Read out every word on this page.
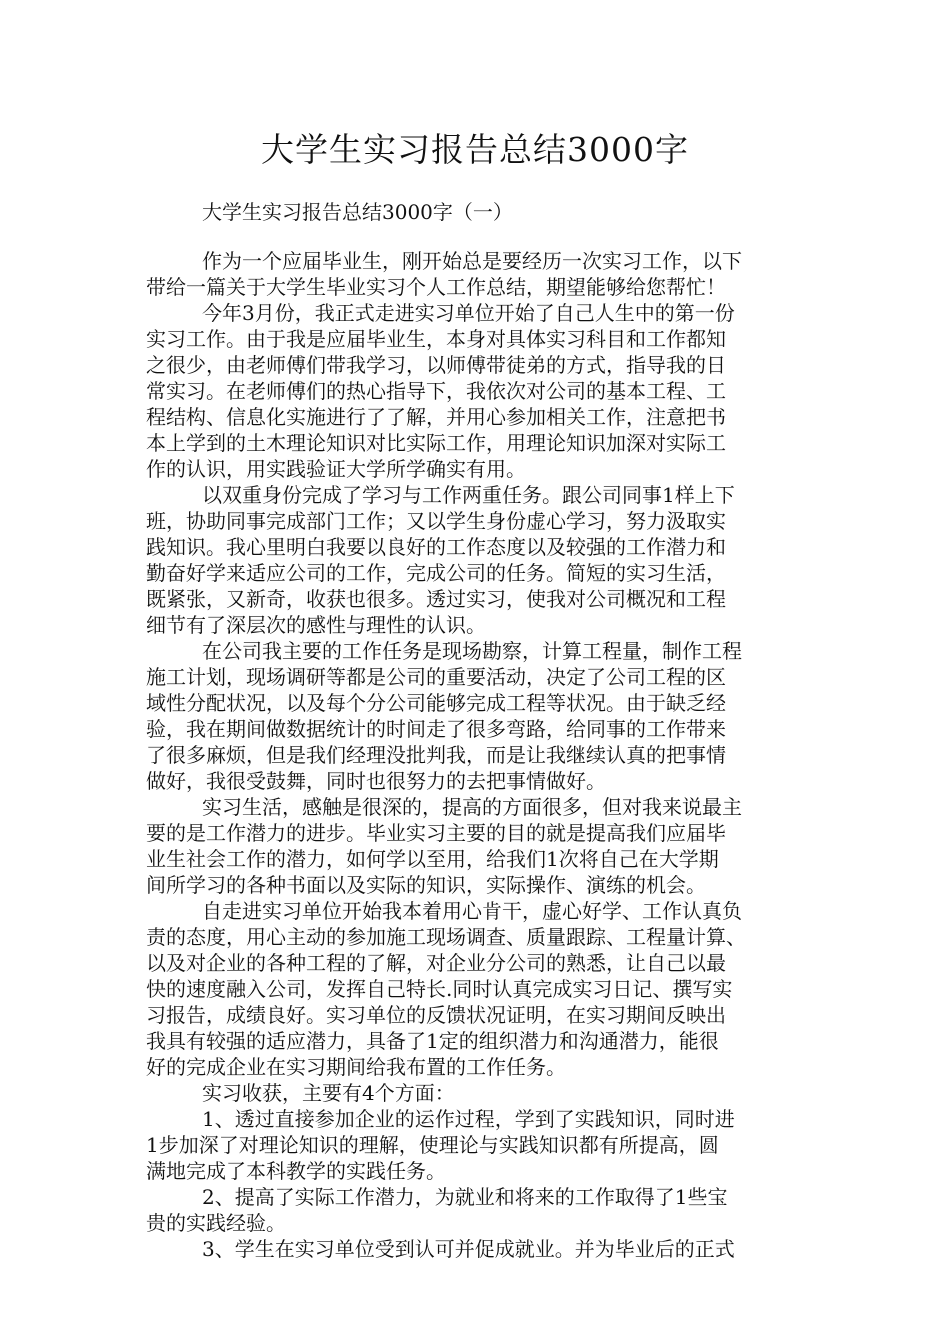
大学生实习报告总结3000字
大学生实习报告总结3000字（一）
作为一个应届毕业生，刚开始总是要经历一次实习工作，以下
带给一篇关于大学生毕业实习个人工作总结，期望能够给您帮忙！
今年3月份，我正式走进实习单位开始了自己人生中的第一份
实习工作。由于我是应届毕业生，本身对具体实习科目和工作都知
之很少，由老师傅们带我学习，以师傅带徒弟的方式，指导我的日
常实习。在老师傅们的热心指导下，我依次对公司的基本工程、工
程结构、信息化实施进行了了解，并用心参加相关工作，注意把书
本上学到的土木理论知识对比实际工作，用理论知识加深对实际工
作的认识，用实践验证大学所学确实有用。
以双重身份完成了学习与工作两重任务。跟公司同事1样上下
班，协助同事完成部门工作；又以学生身份虚心学习，努力汲取实
践知识。我心里明白我要以良好的工作态度以及较强的工作潜力和
勤奋好学来适应公司的工作，完成公司的任务。简短的实习生活，
既紧张，又新奇，收获也很多。透过实习，使我对公司概况和工程
细节有了深层次的感性与理性的认识。
在公司我主要的工作任务是现场勘察，计算工程量，制作工程
施工计划，现场调研等都是公司的重要活动，决定了公司工程的区
域性分配状况，以及每个分公司能够完成工程等状况。由于缺乏经
验，我在期间做数据统计的时间走了很多弯路，给同事的工作带来
了很多麻烦，但是我们经理没批判我，而是让我继续认真的把事情
做好，我很受鼓舞，同时也很努力的去把事情做好。
实习生活，感触是很深的，提高的方面很多，但对我来说最主
要的是工作潜力的进步。毕业实习主要的目的就是提高我们应届毕
业生社会工作的潜力，如何学以至用，给我们1次将自己在大学期
间所学习的各种书面以及实际的知识，实际操作、演练的机会。
自走进实习单位开始我本着用心肯干，虚心好学、工作认真负
责的态度，用心主动的参加施工现场调查、质量跟踪、工程量计算、
以及对企业的各种工程的了解，对企业分公司的熟悉，让自己以最
快的速度融入公司，发挥自己特长.同时认真完成实习日记、撰写实
习报告，成绩良好。实习单位的反馈状况证明，在实习期间反映出
我具有较强的适应潜力，具备了1定的组织潜力和沟通潜力，能很
好的完成企业在实习期间给我布置的工作任务。
实习收获，主要有4个方面：
1、透过直接参加企业的运作过程，学到了实践知识，同时进
1步加深了对理论知识的理解，使理论与实践知识都有所提高，圆
满地完成了本科教学的实践任务。
2、提高了实际工作潜力，为就业和将来的工作取得了1些宝
贵的实践经验。
3、学生在实习单位受到认可并促成就业。并为毕业后的正式
